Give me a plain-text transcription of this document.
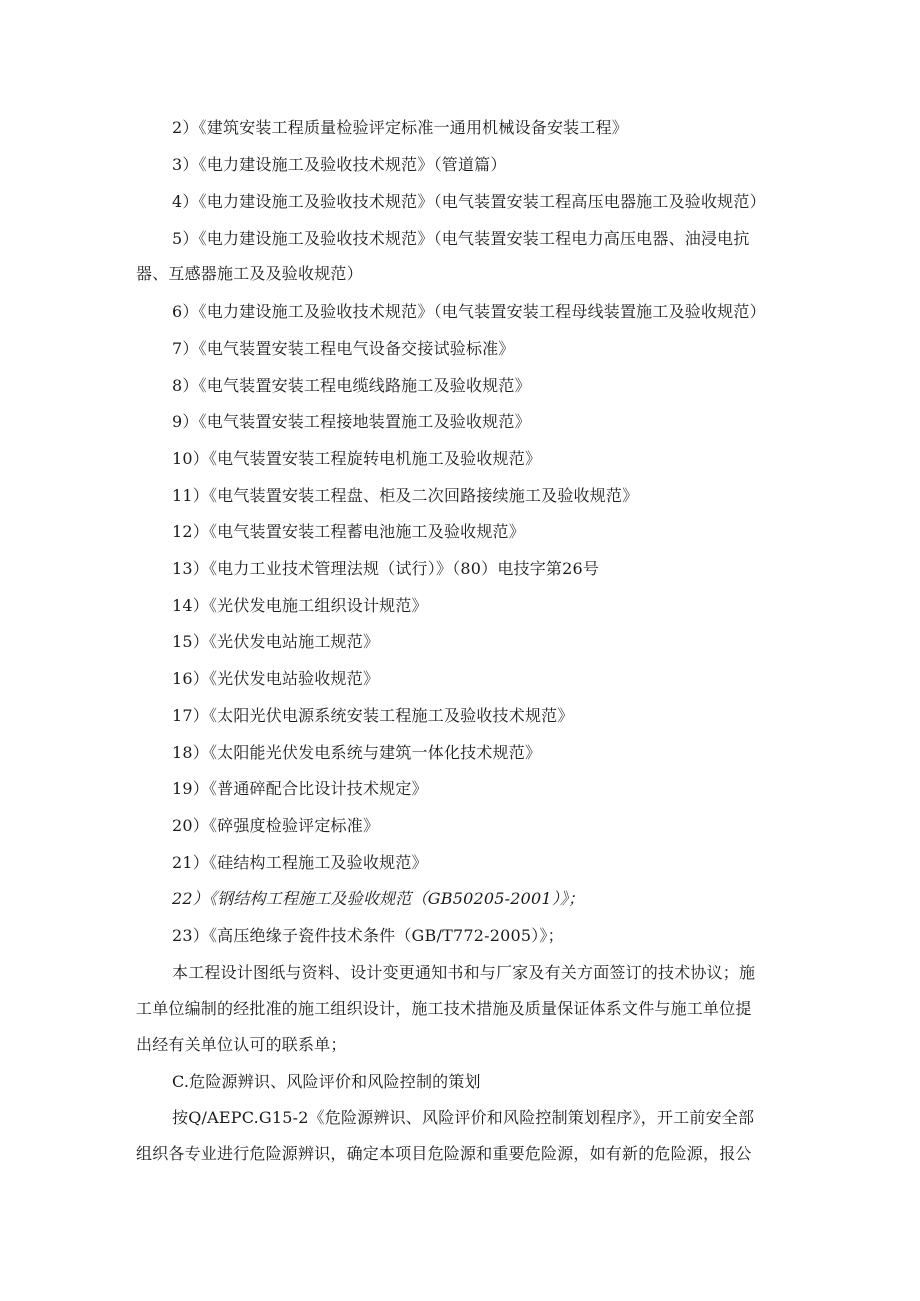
2）《建筑安装工程质量检验评定标准一通用机械设备安装工程》
3）《电力建设施工及验收技术规范》（管道篇）
4）《电力建设施工及验收技术规范》（电气装置安装工程高压电器施工及验收规范）
5）《电力建设施工及验收技术规范》（电气装置安装工程电力高压电器、油浸电抗
器、互感器施工及及验收规范）
6）《电力建设施工及验收技术规范》（电气装置安装工程母线装置施工及验收规范）
7）《电气装置安装工程电气设备交接试验标准》
8）《电气装置安装工程电缆线路施工及验收规范》
9）《电气装置安装工程接地装置施工及验收规范》
10）《电气装置安装工程旋转电机施工及验收规范》
11）《电气装置安装工程盘、柜及二次回路接续施工及验收规范》
12）《电气装置安装工程蓄电池施工及验收规范》
13）《电力工业技术管理法规（试行）》（80）电技字第26号
14）《光伏发电施工组织设计规范》
15）《光伏发电站施工规范》
16）《光伏发电站验收规范》
17）《太阳光伏电源系统安装工程施工及验收技术规范》
18）《太阳能光伏发电系统与建筑一体化技术规范》
19）《普通碎配合比设计技术规定》
20）《碎强度检验评定标准》
21）《硅结构工程施工及验收规范》
22）《钢结构工程施工及验收规范（GB50205-2001）》；
23）《高压绝缘子瓷件技术条件（GB/T772-2005）》；
本工程设计图纸与资料、设计变更通知书和与厂家及有关方面签订的技术协议；施
工单位编制的经批准的施工组织设计，施工技术措施及质量保证体系文件与施工单位提
出经有关单位认可的联系单；
C.危险源辨识、风险评价和风险控制的策划
按Q/AEPC.G15-2《危险源辨识、风险评价和风险控制策划程序》，开工前安全部
组织各专业进行危险源辨识，确定本项目危险源和重要危险源，如有新的危险源，报公
